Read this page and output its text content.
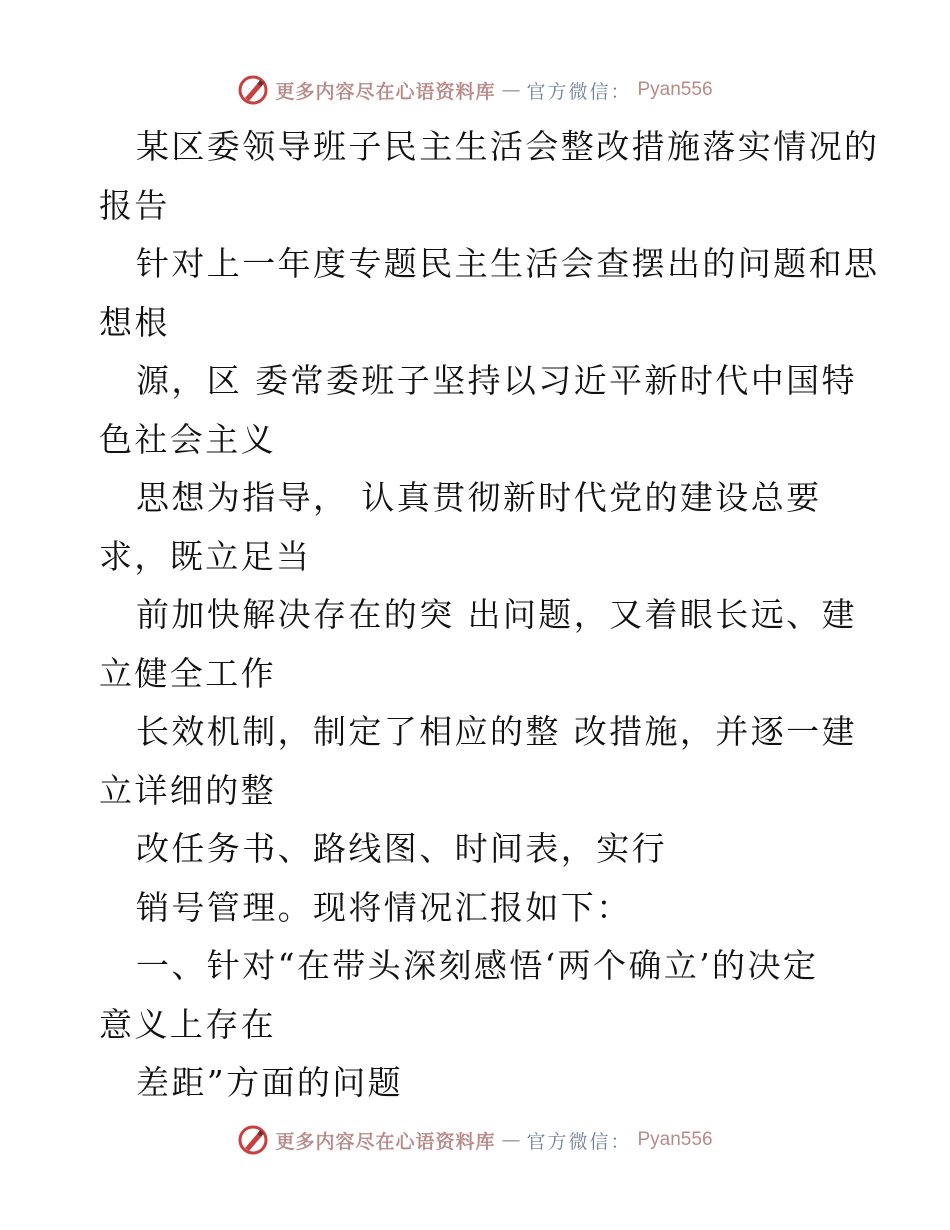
更多内容尽在心语资料库 — 官方微信： Pyan556
某区委领导班子民主生活会整改措施落实情况的
报告
针对上一年度专题民主生活会查摆出的问题和思
想根
源，区 委常委班子坚持以习近平新时代中国特
色社会主义
思想为指导， 认真贯彻新时代党的建设总要
求，既立足当
前加快解决存在的突 出问题，又着眼长远、建
立健全工作
长效机制，制定了相应的整 改措施，并逐一建
立详细的整
改任务书、路线图、时间表，实行
销号管理。现将情况汇报如下：
一、针对“在带头深刻感悟‘两个确立’的决定
意义上存在
差距”方面的问题
更多内容尽在心语资料库 — 官方微信： Pyan556
